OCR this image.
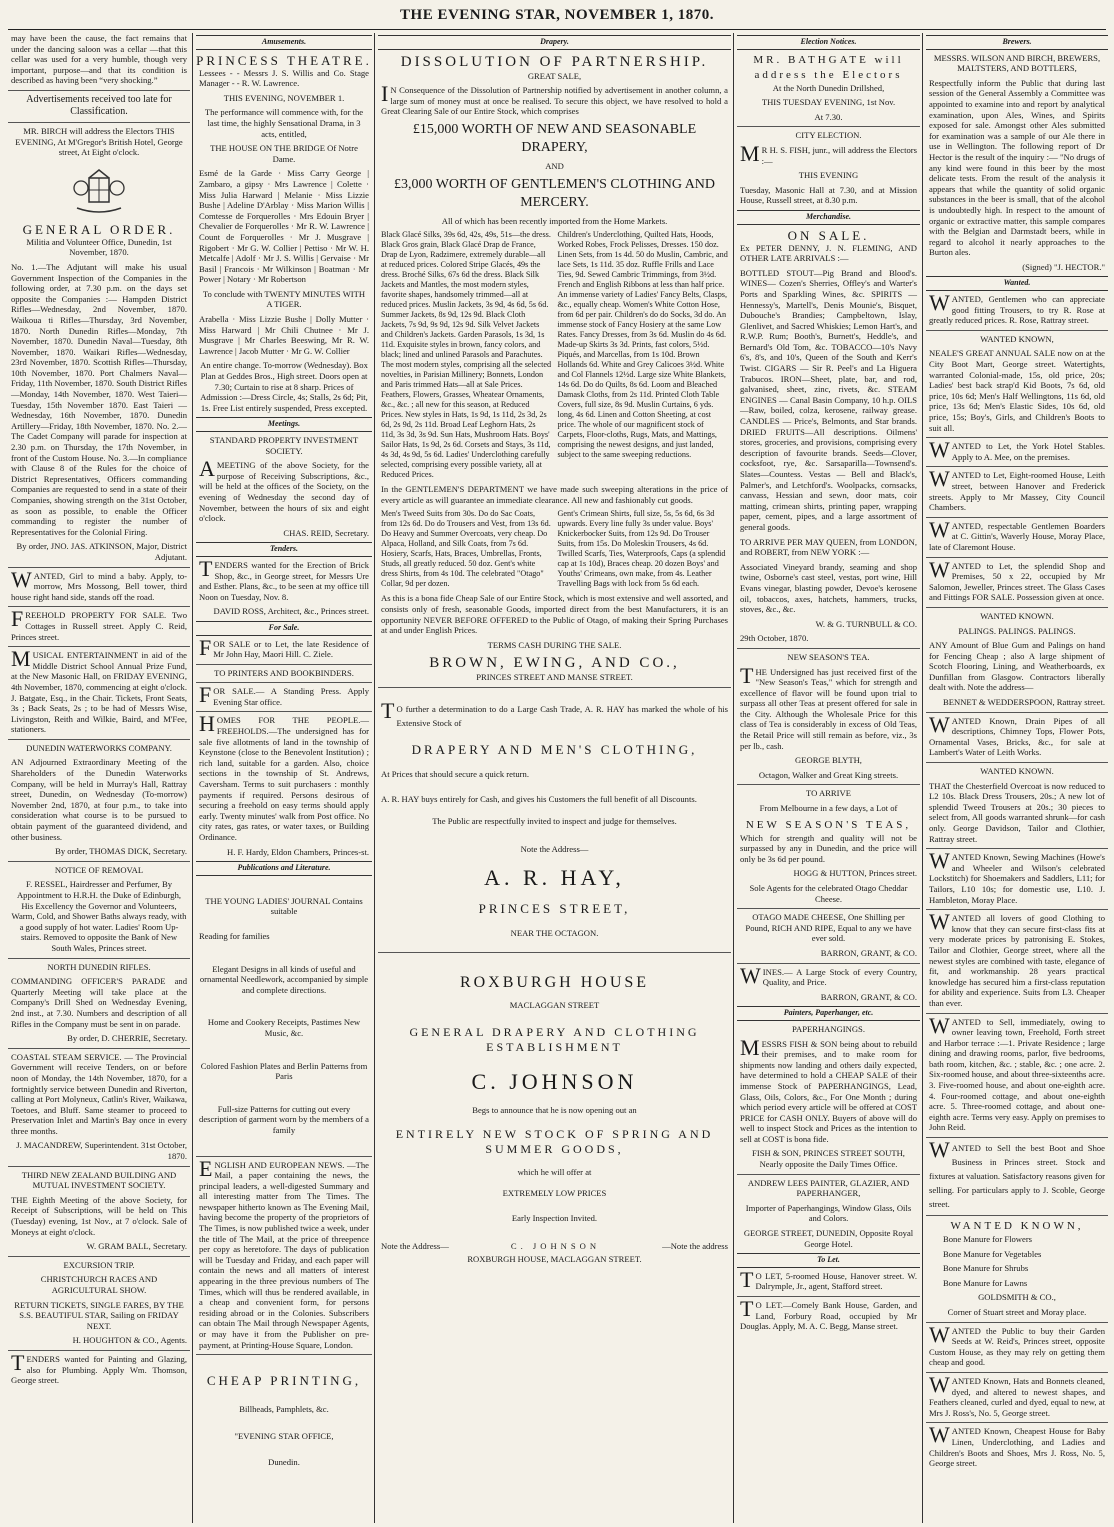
THE EVENING STAR, NOVEMBER 1, 1870.
may have been the cause, the fact remains that under the dancing saloon was a cellar —that this cellar was used for a very humble, though very important, purpose—and that its condition is described as having been “very shocking.”
Advertisements received too late for Classification.
MR. BIRCH will address the Electors THIS EVENING, At M'Gregor's British Hotel, George street, At Eight o'clock.
GENERAL ORDER.
Militia and Volunteer Office, Dunedin, 1st November, 1870.
No. 1.—The Adjutant will make his usual Government Inspection of the Companies in the following order, at 7.30 p.m. on the days set opposite the Companies :— Hampden District Rifles—Wednesday, 2nd November, 1870. Waikoua ti Rifles—Thursday, 3rd November, 1870. North Dunedin Rifles—Monday, 7th November, 1870. Dunedin Naval—Tuesday, 8th November, 1870. Waikari Rifles—Wednesday, 23rd November, 1870. Scottish Rifles—Thursday, 10th November, 1870. Port Chalmers Naval—Friday, 11th November, 1870. South District Rifles—Monday, 14th November, 1870. West Taieri—Tuesday, 15th November 1870. East Taieri — Wednesday, 16th November, 1870. Dunedin Artillery—Friday, 18th November, 1870. No. 2.—The Cadet Company will parade for inspection at 2.30 p.m. on Thursday, the 17th November, in front of the Custom House. No. 3.—In compliance with Clause 8 of the Rules for the choice of District Representatives, Officers commanding Companies are requested to send in a state of their Companies, showing strength on the 31st October, as soon as possible, to enable the Officer commanding to register the number of Representatives for the Colonial Firing.
By order, JNO. JAS. ATKINSON, Major, District Adjutant.
WANTED, Girl to mind a baby. Apply, to-morrow, Mrs Mossong, Bell tower, third house right hand side, stands off the road.
FREEHOLD PROPERTY FOR SALE. Two Cottages in Russell street. Apply C. Reid, Princes street.
MUSICAL ENTERTAINMENT in aid of the Middle District School Annual Prize Fund, at the New Masonic Hall, on FRIDAY EVENING, 4th November, 1870, commencing at eight o'clock. J. Batgate, Esq., in the Chair. Tickets, Front Seats, 3s ; Back Seats, 2s ; to be had of Messrs Wise, Livingston, Reith and Wilkie, Baird, and M'Fee, stationers.
DUNEDIN WATERWORKS COMPANY.
AN Adjourned Extraordinary Meeting of the Shareholders of the Dunedin Waterworks Company, will be held in Murray's Hall, Rattray street, Dunedin, on Wednesday (To-morrow) November 2nd, 1870, at four p.m., to take into consideration what course is to be pursued to obtain payment of the guaranteed dividend, and other business.
By order, THOMAS DICK, Secretary.
NOTICE OF REMOVAL
F. RESSEL, Hairdresser and Perfumer, By Appointment to H.R.H. the Duke of Edinburgh, His Excellency the Governor and Volunteers, Warm, Cold, and Shower Baths always ready, with a good supply of hot water. Ladies' Room Up-stairs. Removed to opposite the Bank of New South Wales, Princes street.
NORTH DUNEDIN RIFLES.
COMMANDING OFFICER'S PARADE and Quarterly Meeting will take place at the Company's Drill Shed on Wednesday Evening, 2nd inst., at 7.30. Numbers and description of all Rifles in the Company must be sent in on parade.
By order, D. CHERRIE, Secretary.
COASTAL STEAM SERVICE. — The Provincial Government will receive Tenders, on or before noon of Monday, the 14th November, 1870, for a fortnightly service between Dunedin and Riverton, calling at Port Molyneux, Catlin's River, Waikawa, Toetoes, and Bluff. Same steamer to proceed to Preservation Inlet and Martin's Bay once in every three months.
J. MACANDREW, Superintendent. 31st October, 1870.
THIRD NEW ZEALAND BUILDING AND MUTUAL INVESTMENT SOCIETY.
THE Eighth Meeting of the above Society, for Receipt of Subscriptions, will be held on This (Tuesday) evening, 1st Nov., at 7 o'clock. Sale of Moneys at eight o'clock.
W. GRAM BALL, Secretary.
EXCURSION TRIP.
CHRISTCHURCH RACES AND AGRICULTURAL SHOW.
RETURN TICKETS, SINGLE FARES, BY THE S.S. BEAUTIFUL STAR, Sailing on FRIDAY NEXT.
H. HOUGHTON & CO., Agents.
TENDERS wanted for Painting and Glazing, also for Plumbing. Apply Wm. Thomson, George street.
Amusements.
PRINCESS THEATRE.
Lessees - - Messrs J. S. Willis and Co. Stage Manager - - R. W. Lawrence.
THIS EVENING, NOVEMBER 1.
The performance will commence with, for the last time, the highly Sensational Drama, in 3 acts, entitled,
THE HOUSE ON THE BRIDGE Of Notre Dame.
Esmé de la Garde · Miss Carry George | Zambaro, a gipsy · Mrs Lawrence | Colette · Miss Julia Harward | Melanie · Miss Lizzie Bushe | Adeline D'Arblay · Miss Marion Willis | Comtesse de Forquerolles · Mrs Edouin Bryer | Chevalier de Forquerolles · Mr R. W. Lawrence | Count de Forquerolles · Mr J. Musgrave | Rigobert · Mr G. W. Collier | Pettiso · Mr W. H. Metcalfe | Adolf · Mr J. S. Willis | Gervaise · Mr Basil | Francois · Mr Wilkinson | Boatman · Mr Power | Notary · Mr Robertson
To conclude with TWENTY MINUTES WITH A TIGER.
Arabella · Miss Lizzie Bushe | Dolly Mutter · Miss Harward | Mr Chili Chutnee · Mr J. Musgrave | Mr Charles Beeswing, Mr R. W. Lawrence | Jacob Mutter · Mr G. W. Collier
An entire change. To-morrow (Wednesday). Box Plan at Geddes Bros., High street. Doors open at 7.30; Curtain to rise at 8 sharp. Prices of Admission :—Dress Circle, 4s; Stalls, 2s 6d; Pit, 1s. Free List entirely suspended, Press excepted.
Meetings.
STANDARD PROPERTY INVESTMENT SOCIETY.
AMEETING of the above Society, for the purpose of Receiving Subscriptions, &c., will be held at the offices of the Society, on the evening of Wednesday the second day of November, between the hours of six and eight o'clock.
CHAS. REID, Secretary.
Tenders.
TENDERS wanted for the Erection of Brick Shop, &c., in George street, for Messrs Ure and Esther. Plans, &c., to be seen at my office till Noon on Tuesday, Nov. 8.
DAVID ROSS, Architect, &c., Princes street.
For Sale.
FOR SALE or to Let, the late Residence of Mr John Hay, Maori Hill. C. Ziele.
TO PRINTERS AND BOOKBINDERS.
FOR SALE.— A Standing Press. Apply Evening Star office.
HOMES FOR THE PEOPLE.—FREEHOLDS.—The undersigned has for sale five allotments of land in the township of Keynstone (close to the Benevolent Institution) ; rich land, suitable for a garden. Also, choice sections in the township of St. Andrews, Caversham. Terms to suit purchasers : monthly payments if required. Persons desirous of securing a freehold on easy terms should apply early. Twenty minutes' walk from Post office. No city rates, gas rates, or water taxes, or Building Ordinance.
H. F. Hardy, Eldon Chambers, Princes-st.
Publications and Literature.
THE YOUNG LADIES' JOURNAL Contains suitable
Reading for families
Elegant Designs in all kinds of useful and ornamental Needlework, accompanied by simple and complete directions.
Home and Cookery Receipts, Pastimes New Music, &c.
Colored Fashion Plates and Berlin Patterns from Paris
Full-size Patterns for cutting out every description of garment worn by the members of a family
ENGLISH AND EUROPEAN NEWS. —The Mail, a paper containing the news, the principal leaders, a well-digested Summary and all interesting matter from The Times. The newspaper hitherto known as The Evening Mail, having become the property of the proprietors of The Times, is now published twice a week, under the title of The Mail, at the price of threepence per copy as heretofore. The days of publication will be Tuesday and Friday, and each paper will contain the news and all matters of interest appearing in the three previous numbers of The Times, which will thus be rendered available, in a cheap and convenient form, for persons residing abroad or in the Colonies. Subscribers can obtain The Mail through Newspaper Agents, or may have it from the Publisher on pre-payment, at Printing-House Square, London.
CHEAP PRINTING,
Billheads, Pamphlets, &c.
"EVENING STAR OFFICE,
Dunedin.
Drapery.
DISSOLUTION OF PARTNERSHIP.
GREAT SALE,
IN Consequence of the Dissolution of Partnership notified by advertisement in another column, a large sum of money must at once be realised. To secure this object, we have resolved to hold a Great Clearing Sale of our Entire Stock, which comprises
£15,000 WORTH OF NEW AND SEASONABLE DRAPERY,
AND
£3,000 WORTH OF GENTLEMEN'S CLOTHING AND MERCERY.
All of which has been recently imported from the Home Markets.
Black Glacé Silks, 39s 6d, 42s, 49s, 51s—the dress. Black Gros grain, Black Glacé Drap de France, Drap de Lyon, Radzimere, extremely durable—all at reduced prices. Colored Stripe Glacés, 49s the dress. Broché Silks, 67s 6d the dress. Black Silk Jackets and Mantles, the most modern styles, favorite shapes, handsomely trimmed—all at reduced prices. Muslin Jackets, 3s 9d, 4s 6d, 5s 6d. Summer Jackets, 8s 9d, 12s 9d. Black Cloth Jackets, 7s 9d, 9s 9d, 12s 9d. Silk Velvet Jackets and Children's Jackets. Garden Parasols, 1s 3d, 1s 11d. Exquisite styles in brown, fancy colors, and black; lined and unlined Parasols and Parachutes. The most modern styles, comprising all the selected novelties, in Parisian Millinery; Bonnets, London and Paris trimmed Hats—all at Sale Prices. Feathers, Flowers, Grasses, Wheatear Ornaments, &c., &c. ; all new for this season, at Reduced Prices. New styles in Hats, 1s 9d, 1s 11d, 2s 3d, 2s 6d, 2s 9d, 2s 11d. Broad Leaf Leghorn Hats, 2s 11d, 3s 3d, 3s 9d. Sun Hats, Mushroom Hats. Boys' Sailor Hats, 1s 9d, 2s 6d. Corsets and Stays, 3s 11d, 4s 3d, 4s 9d, 5s 6d. Ladies' Underclothing carefully selected, comprising every possible variety, all at Reduced Prices.
Children's Underclothing, Quilted Hats, Hoods, Worked Robes, Frock Pelisses, Dresses. 150 doz. Linen Sets, from 1s 4d. 50 do Muslin, Cambric, and lace Sets, 1s 11d. 35 doz. Ruffle Frills and Lace Ties, 9d. Sewed Cambric Trimmings, from 3½d. French and English Ribbons at less than half price. An immense variety of Ladies' Fancy Belts, Clasps, &c., equally cheap. Women's White Cotton Hose, from 6d per pair. Children's do do Socks, 3d do. An immense stock of Fancy Hosiery at the same Low Rates. Fancy Dresses, from 3s 6d. Muslin do 4s 6d. Made-up Skirts 3s 3d. Prints, fast colors, 5½d. Piqués, and Marcellas, from 1s 10d. Brown Hollands 6d. White and Grey Calicoes 3½d. White and Col Flannels 12½d. Large size White Blankets, 14s 6d. Do do Quilts, 8s 6d. Loom and Bleached Damask Cloths, from 2s 11d. Printed Cloth Table Covers, full size, 8s 9d. Muslin Curtains, 6 yds. long, 4s 6d. Linen and Cotton Sheeting, at cost price. The whole of our magnificent stock of Carpets, Floor-cloths, Rugs, Mats, and Mattings, comprising the newest designs, and just landed, subject to the same sweeping reductions.
In the GENTLEMEN'S DEPARTMENT we have made such sweeping alterations in the price of every article as will guarantee an immediate clearance. All new and fashionably cut goods.
Men's Tweed Suits from 30s. Do do Sac Coats, from 12s 6d. Do do Trousers and Vest, from 13s 6d. Do Heavy and Summer Overcoats, very cheap. Do Alpaca, Holland, and Silk Coats, from 7s 6d. Hosiery, Scarfs, Hats, Braces, Umbrellas, Fronts, Studs, all greatly reduced. 50 doz. Gent's white dress Shirts, from 4s 10d. The celebrated "Otago" Collar, 9d per dozen.
Gent's Crimean Shirts, full size, 5s, 5s 6d, 6s 3d upwards. Every line fully 3s under value. Boys' Knickerbocker Suits, from 12s 9d. Do Trouser Suits, from 15s. Do Moleskin Trousers, 4s 6d. Twilled Scarfs, Ties, Waterproofs, Caps (a splendid cap at 1s 10d), Braces cheap. 20 dozen Boys' and Youths' Crimeans, own make, from 4s. Leather Travelling Bags with lock from 5s 6d each.
As this is a bona fide Cheap Sale of our Entire Stock, which is most extensive and well assorted, and consists only of fresh, seasonable Goods, imported direct from the best Manufacturers, it is an opportunity NEVER BEFORE OFFERED to the Public of Otago, of making their Spring Purchases at and under English Prices.
TERMS CASH DURING THE SALE.
BROWN, EWING, AND CO.,
PRINCES STREET AND MANSE STREET.
TO further a determination to do a Large Cash Trade, A. R. HAY has marked the whole of his Extensive Stock of
DRAPERY AND MEN'S CLOTHING,
At Prices that should secure a quick return.
A. R. HAY buys entirely for Cash, and gives his Customers the full benefit of all Discounts.
The Public are respectfully invited to inspect and judge for themselves.
Note the Address—
A. R. HAY,
PRINCES STREET,
NEAR THE OCTAGON.
ROXBURGH HOUSE
MACLAGGAN STREET
GENERAL DRAPERY AND CLOTHING ESTABLISHMENT
C. JOHNSON
Begs to announce that he is now opening out an
ENTIRELY NEW STOCK OF SPRING AND SUMMER GOODS,
which he will offer at
EXTREMELY LOW PRICES
Early Inspection Invited.
Note the Address—	C. JOHNSON	—Note the address
ROXBURGH HOUSE, MACLAGGAN STREET.
Election Notices.
MR. BATHGATE will address the Electors
At the North Dunedin Drillshed,
THIS TUESDAY EVENING, 1st Nov.
At 7.30.
CITY ELECTION.
MR H. S. FISH, junr., will address the Electors :—
THIS EVENING
Tuesday, Masonic Hall at 7.30, and at Mission House, Russell street, at 8.30 p.m.
Merchandise.
ON SALE.
Ex PETER DENNY, J. N. FLEMING, AND OTHER LATE ARRIVALS :—
BOTTLED STOUT—Pig Brand and Blood's. WINES— Cozen's Sherries, Offley's and Warter's Ports and Sparkling Wines, &c. SPIRITS — Hennessy's, Martell's, Denis Mounie's, Bisquet, Dubouche's Brandies; Campbeltown, Islay, Glenlivet, and Sacred Whiskies; Lemon Hart's, and R.W.P. Rum; Booth's, Burnett's, Heddle's, and Bernard's Old Tom, &c. TOBACCO—10's Navy 6's, 8's, and 10's, Queen of the South and Kerr's Twist. CIGARS — Sir R. Peel's and La Higuera Trabucos. IRON—Sheet, plate, bar, and rod, galvanised, sheet, zinc, rivets, &c. STEAM ENGINES — Canal Basin Company, 10 h.p. OILS—Raw, boiled, colza, kerosene, railway grease. CANDLES — Price's, Belmonts, and Star brands. DRIED FRUITS—All descriptions. Oilmens' stores, groceries, and provisions, comprising every description of favourite brands. Seeds—Clover, cocksfoot, rye, &c. Sarsaparilla—Townsend's. Slates—Countess. Vestas — Bell and Black's, Palmer's, and Letchford's. Woolpacks, cornsacks, canvass, Hessian and sewn, door mats, coir matting, crimean shirts, printing paper, wrapping paper, cement, pipes, and a large assortment of general goods.
TO ARRIVE PER MAY QUEEN, from LONDON, and ROBERT, from NEW YORK :—
Associated Vineyard brandy, seaming and shop twine, Osborne's cast steel, vestas, port wine, Hill Evans vinegar, blasting powder, Devoe's kerosene oil, tobaccos, axes, hatchets, hammers, trucks, stoves, &c., &c.
W. & G. TURNBULL & CO.
29th October, 1870.
NEW SEASON'S TEA.
THE Undersigned has just received first of the "New Season's Teas," which for strength and excellence of flavor will be found upon trial to surpass all other Teas at present offered for sale in the City. Although the Wholesale Price for this class of Tea is considerably in excess of Old Teas, the Retail Price will still remain as before, viz., 3s per lb., cash.
GEORGE BLYTH,
Octagon, Walker and Great King streets.
TO ARRIVE
From Melbourne in a few days, a Lot of
NEW SEASON'S TEAS,
Which for strength and quality will not be surpassed by any in Dunedin, and the price will only be 3s 6d per pound.
HOGG & HUTTON, Princes street.
Sole Agents for the celebrated Otago Cheddar Cheese.
OTAGO MADE CHEESE, One Shilling per Pound, RICH AND RIPE, Equal to any we have ever sold.
BARRON, GRANT, & CO.
WINES.— A Large Stock of every Country, Quality, and Price.
BARRON, GRANT, & CO.
Painters, Paperhanger, etc.
PAPERHANGINGS.
MESSRS FISH & SON being about to rebuild their premises, and to make room for shipments now landing and others daily expected, have determined to hold a CHEAP SALE of their immense Stock of PAPERHANGINGS, Lead, Glass, Oils, Colors, &c., For One Month ; during which period every article will be offered at COST PRICE for CASH ONLY. Buyers of above will do well to inspect Stock and Prices as the intention to sell at COST is bona fide.
FISH & SON, PRINCES STREET SOUTH, Nearly opposite the Daily Times Office.
ANDREW LEES PAINTER, GLAZIER, AND PAPERHANGER,
Importer of Paperhangings, Window Glass, Oils and Colors.
GEORGE STREET, DUNEDIN, Opposite Royal George Hotel.
To Let.
TO LET, 5-roomed House, Hanover street. W. Dalrymple, Jr., agent, Stafford street.
TO LET.—Comely Bank House, Garden, and Land, Forbury Road, occupied by Mr Douglas. Apply, M. A. C. Begg, Manse street.
Brewers.
MESSRS. WILSON AND BIRCH, BREWERS, MALTSTERS, AND BOTTLERS,
Respectfully inform the Public that during last session of the General Assembly a Committee was appointed to examine into and report by analytical examination, upon Ales, Wines, and Spirits exposed for sale. Amongst other Ales submitted for examination was a sample of our Ale there in use in Wellington. The following report of Dr Hector is the result of the inquiry :— "No drugs of any kind were found in this beer by the most delicate tests. From the result of the analysis it appears that while the quantity of solid organic substances in the beer is small, that of the alcohol is undoubtedly high. In respect to the amount of organic or extractive matter, this sample compares with the Belgian and Darmstadt beers, while in regard to alcohol it nearly approaches to the Burton ales.
(Signed) "J. HECTOR."
Wanted.
WANTED, Gentlemen who can appreciate good fitting Trousers, to try R. Rose at greatly reduced prices. R. Rose, Rattray street.
WANTED KNOWN,
NEALE'S GREAT ANNUAL SALE now on at the City Boot Mart, George street. Watertights, warranted Colonial-made, 15s, old price, 20s; Ladies' best back strap'd Kid Boots, 7s 6d, old price, 10s 6d; Men's Half Wellingtons, 11s 6d, old price, 13s 6d; Men's Elastic Sides, 10s 6d, old price, 15s; Boy's, Girls, and Children's Boots to suit all.
WANTED to Let, the York Hotel Stables. Apply to A. Mee, on the premises.
WANTED to Let, Eight-roomed House, Leith street, between Hanover and Frederick streets. Apply to Mr Massey, City Council Chambers.
WANTED, respectable Gentlemen Boarders at C. Gittin's, Waverly House, Moray Place, late of Claremont House.
WANTED to Let, the splendid Shop and Premises, 50 x 22, occupied by Mr Salomon, Jeweller, Princes street. The Glass Cases and Fittings FOR SALE. Possession given at once.
WANTED KNOWN.
PALINGS. PALINGS. PALINGS.
ANY Amount of Blue Gum and Palings on hand for Fencing Cheap ; also A large shipment of Scotch Flooring, Lining, and Weatherboards, ex Dunfillan from Glasgow. Contractors liberally dealt with. Note the address—
BENNET & WEDDERSPOON, Rattray street.
WANTED Known, Drain Pipes of all descriptions, Chimney Tops, Flower Pots, Ornamental Vases, Bricks, &c., for sale at Lambert's Water of Leith Works.
WANTED KNOWN.
THAT the Chesterfield Overcoat is now reduced to L2 10s. Black Dress Trousers, 20s.; A new lot of splendid Tweed Trousers at 20s.; 30 pieces to select from, All goods warranted shrunk—for cash only. George Davidson, Tailor and Clothier, Rattray street.
WANTED Known, Sewing Machines (Howe's and Wheeler and Wilson's celebrated Lockstitch) for Shoemakers and Saddlers, L11; for Tailors, L10 10s; for domestic use, L10. J. Hambleton, Moray Place.
WANTED all lovers of good Clothing to know that they can secure first-class fits at very moderate prices by patronising E. Stokes, Tailor and Clothier, George street, where all the newest styles are combined with taste, elegance of fit, and workmanship. 28 years practical knowledge has secured him a first-class reputation for ability and experience. Suits from L3. Cheaper than ever.
WANTED to Sell, immediately, owing to owner leaving town, Freehold, Forth street and Harbor terrace :—1. Private Residence ; large dining and drawing rooms, parlor, five bedrooms, bath room, kitchen, &c. ; stable, &c. ; one acre. 2. Six-roomed house, and about three-sixteenths acre. 3. Five-roomed house, and about one-eighth acre. 4. Four-roomed cottage, and about one-eighth acre. 5. Three-roomed cottage, and about one-eighth acre. Terms very easy. Apply on premises to John Reid.
WANTED to Sell the best Boot and Shoe Business in Princes street. Stock and fixtures at valuation. Satisfactory reasons given for selling. For particulars apply to J. Scoble, George street.
WANTED KNOWN,
Bone Manure for Flowers
Bone Manure for Vegetables
Bone Manure for Shrubs
Bone Manure for Lawns
GOLDSMITH & CO.,
Corner of Stuart street and Moray place.
WANTED the Public to buy their Garden Seeds at W. Reid's, Princes street, opposite Custom House, as they may rely on getting them cheap and good.
WANTED Known, Hats and Bonnets cleaned, dyed, and altered to newest shapes, and Feathers cleaned, curled and dyed, equal to new, at Mrs J. Ross's, No. 5, George street.
WANTED Known, Cheapest House for Baby Linen, Underclothing, and Ladies and Children's Boots and Shoes, Mrs J. Ross, No. 5, George street.
